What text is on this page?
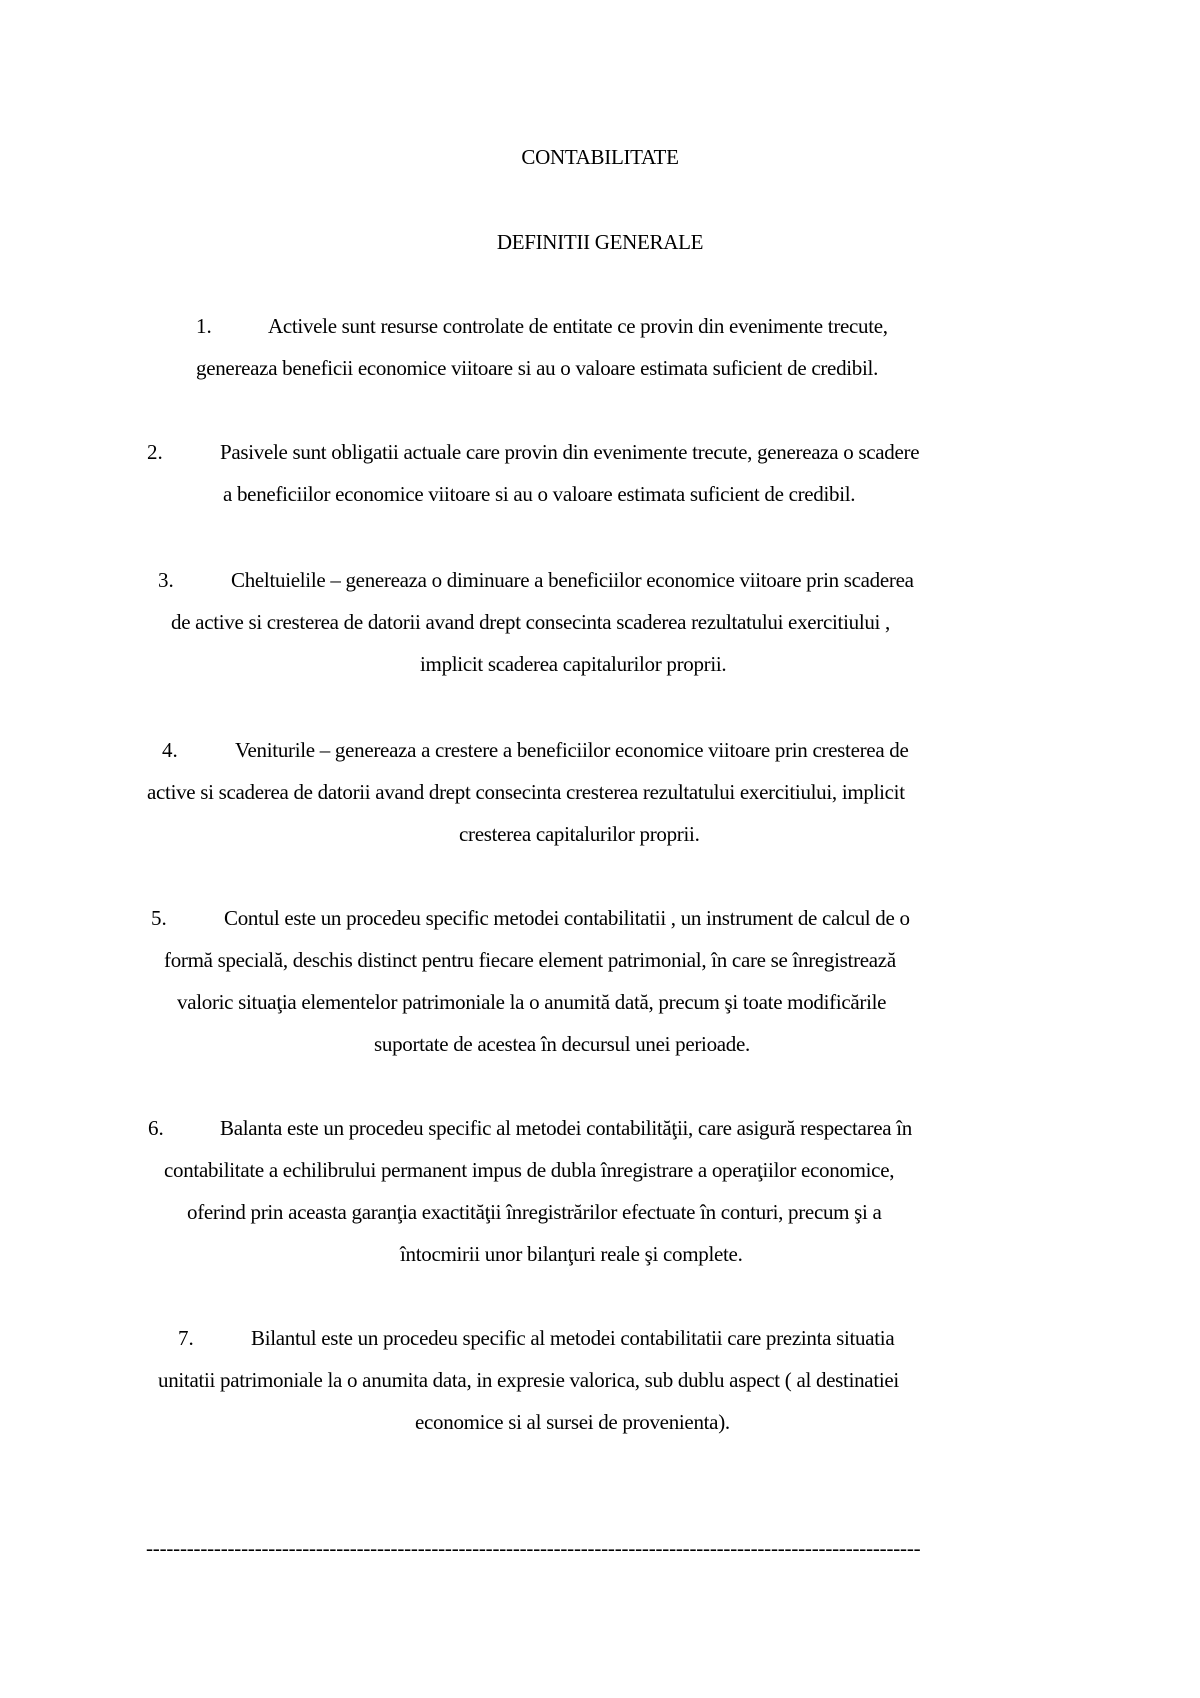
CONTABILITATE
DEFINITII GENERALE
1.	Activele sunt resurse controlate de entitate ce provin din evenimente trecute,
genereaza beneficii economice viitoare si au o valoare estimata suficient de credibil.
2.	Pasivele sunt obligatii actuale care provin din evenimente trecute, genereaza o scadere
a beneficiilor economice viitoare si au o valoare estimata suficient de credibil.
3.	Cheltuielile – genereaza o diminuare a beneficiilor economice viitoare prin scaderea
de active si cresterea de datorii avand drept consecinta scaderea rezultatului exercitiului ,
implicit scaderea capitalurilor proprii.
4.	Veniturile – genereaza a crestere a beneficiilor economice viitoare prin cresterea de
active si scaderea de datorii avand drept consecinta cresterea rezultatului exercitiului, implicit
cresterea capitalurilor proprii.
5.	Contul este un procedeu specific metodei contabilitatii , un instrument de calcul de o
formă specială, deschis distinct pentru fiecare element patrimonial, în care se înregistrează
valoric situaţia elementelor patrimoniale la o anumită dată, precum şi toate modificările
suportate de acestea în decursul unei perioade.
6.	Balanta este un procedeu specific al metodei contabilităţii, care asigură respectarea în
contabilitate a echilibrului permanent impus de dubla înregistrare a operaţiilor economice,
oferind prin aceasta garanţia exactităţii înregistrărilor efectuate în conturi, precum şi a
întocmirii unor bilanţuri reale şi complete.
7.	Bilantul este un procedeu specific al metodei contabilitatii care prezinta situatia
unitatii patrimoniale la o anumita data, in expresie valorica, sub dublu aspect ( al destinatiei
economice si al sursei de provenienta).
------------------------------------------------------------------------------------------------------------------
